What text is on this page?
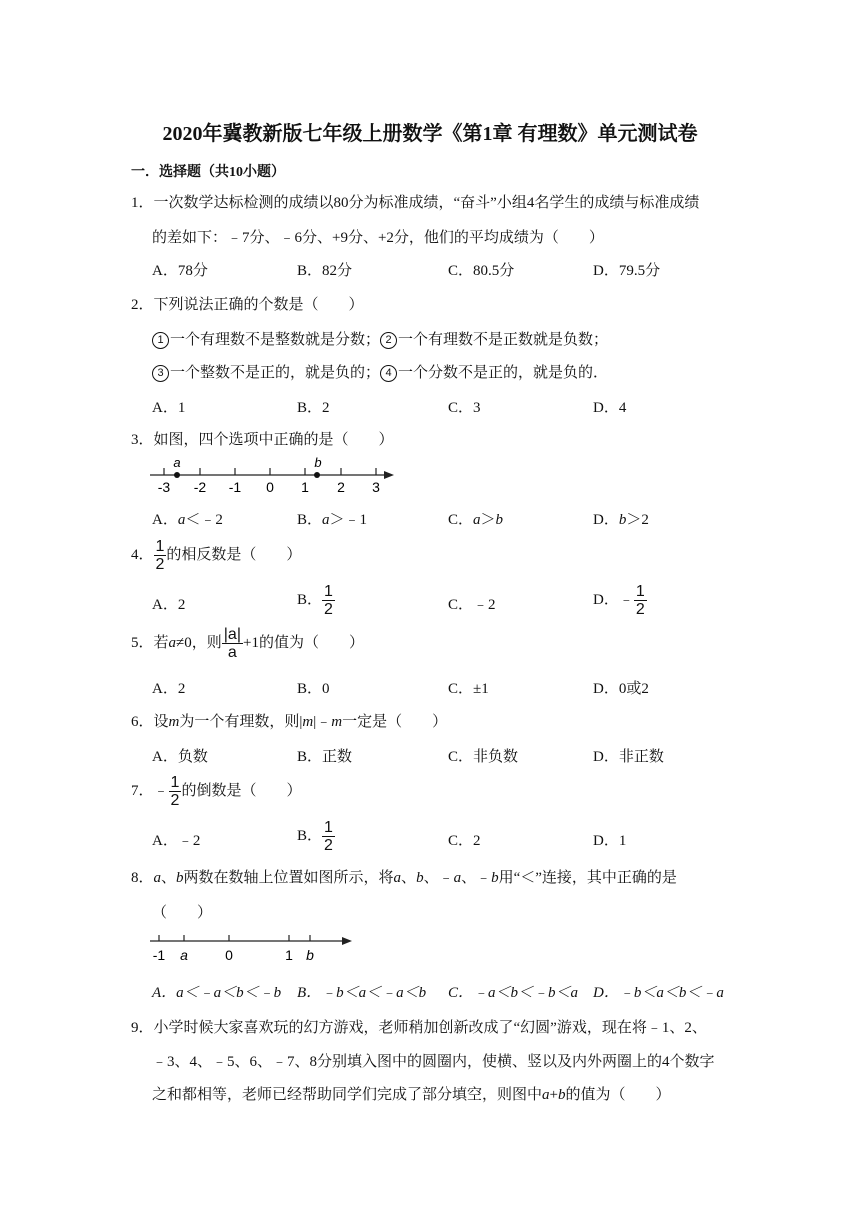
2020年冀教新版七年级上册数学《第1章 有理数》单元测试卷
一．选择题（共10小题）
1．一次数学达标检测的成绩以80分为标准成绩，“奋斗”小组4名学生的成绩与标准成绩
的差如下：﹣7分、﹣6分、+9分、+2分，他们的平均成绩为（　　）
A．78分	B．82分	C．80.5分	D．79.5分
2．下列说法正确的个数是（　　）
1 一个有理数不是整数就是分数； 2 一个有理数不是正数就是负数；
3 一个整数不是正的，就是负的； 4 一个分数不是正的，就是负的．
A．1	B．2	C．3	D．4
3．如图，四个选项中正确的是（　　）
a	b
-3 -2 -1 0 1 2 3
A．a＜﹣2	B．a＞﹣1	C．a＞b	D．b＞2
4． $\frac{1}{2}$ 的相反数是（　　）
A．2	B． $\frac{1}{2}$	C．﹣2	D．﹣ $\frac{1}{2}$
5．若a≠0，则 $\frac{|a|}{a} +1$的值为（　　）
A．2	B．0	C．±1	D．0或2
6．设m为一个有理数，则|m|﹣m一定是（　　）
A．负数	B．正数	C．非负数	D．非正数
7．﹣ $\frac{1}{2}$ 的倒数是（　　）
A．﹣2	B． $\frac{1}{2}$	C．2	D．1
8．a、b两数在数轴上位置如图所示，将a、b、﹣a、﹣b用“＜”连接，其中正确的是
（　　）
-1 a	0	1 b
A．a＜﹣a＜b＜﹣b B．﹣b＜a＜﹣a＜b C．﹣a＜b＜﹣b＜a D．﹣b＜a＜b＜﹣a
9．小学时候大家喜欢玩的幻方游戏，老师稍加创新改成了“幻圆”游戏，现在将﹣1、2、
﹣3、4、﹣5、6、﹣7、8分别填入图中的圆圈内，使横、竖以及内外两圈上的4个数字
之和都相等，老师已经帮助同学们完成了部分填空，则图中a+b的值为（　　）
